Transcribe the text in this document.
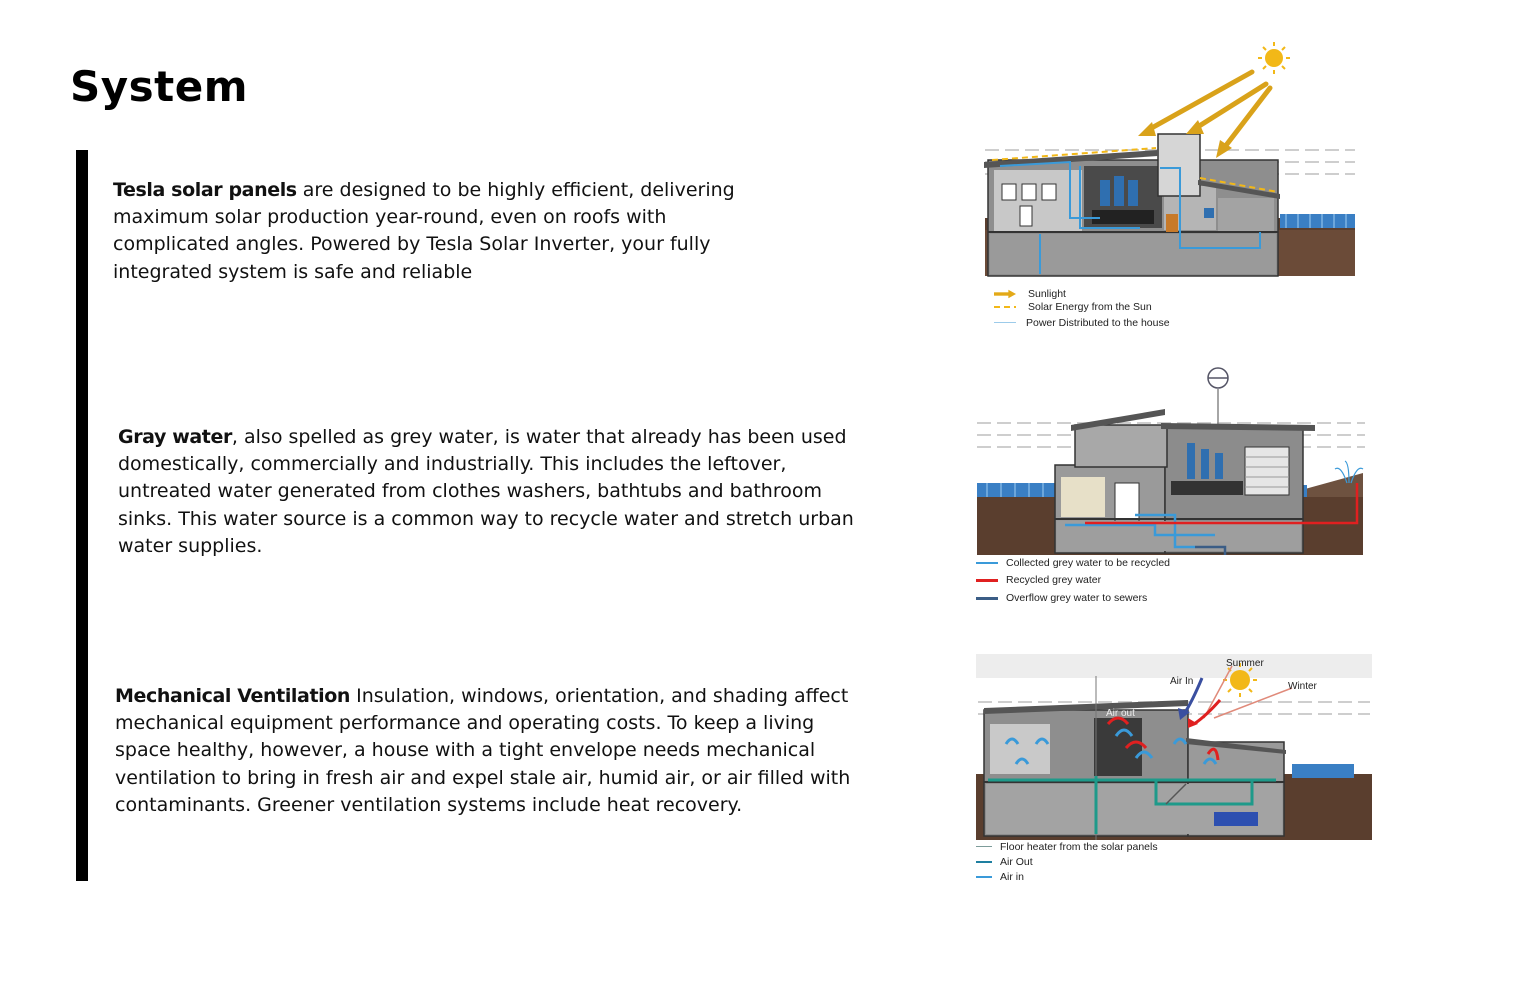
System

Tesla solar panels are designed to be highly efficient, delivering maximum solar production year-round, even on roofs with complicated angles. Powered by Tesla Solar Inverter, your fully integrated system is safe and reliable

Gray water, also spelled as grey water, is water that already has been used domestically, commercially and industrially. This includes the leftover, untreated water generated from clothes washers, bathtubs and bathroom sinks. This water source is a common way to recycle water and stretch urban water supplies.

Mechanical Ventilation Insulation, windows, orientation, and shading affect mechanical equipment performance and operating costs. To keep a living space healthy, however, a house with a tight envelope needs mechanical ventilation to bring in fresh air and expel stale air, humid air, or air filled with contaminants. Greener ventilation systems include heat recovery.

Sunlight
Solar Energy from the Sun
Power Distributed to the house
Collected grey water to be recycled
Recycled grey water
Overflow grey water to sewers
Summer
Winter
Air In
Air out
Floor heater from the solar panels
Air Out
Air in
